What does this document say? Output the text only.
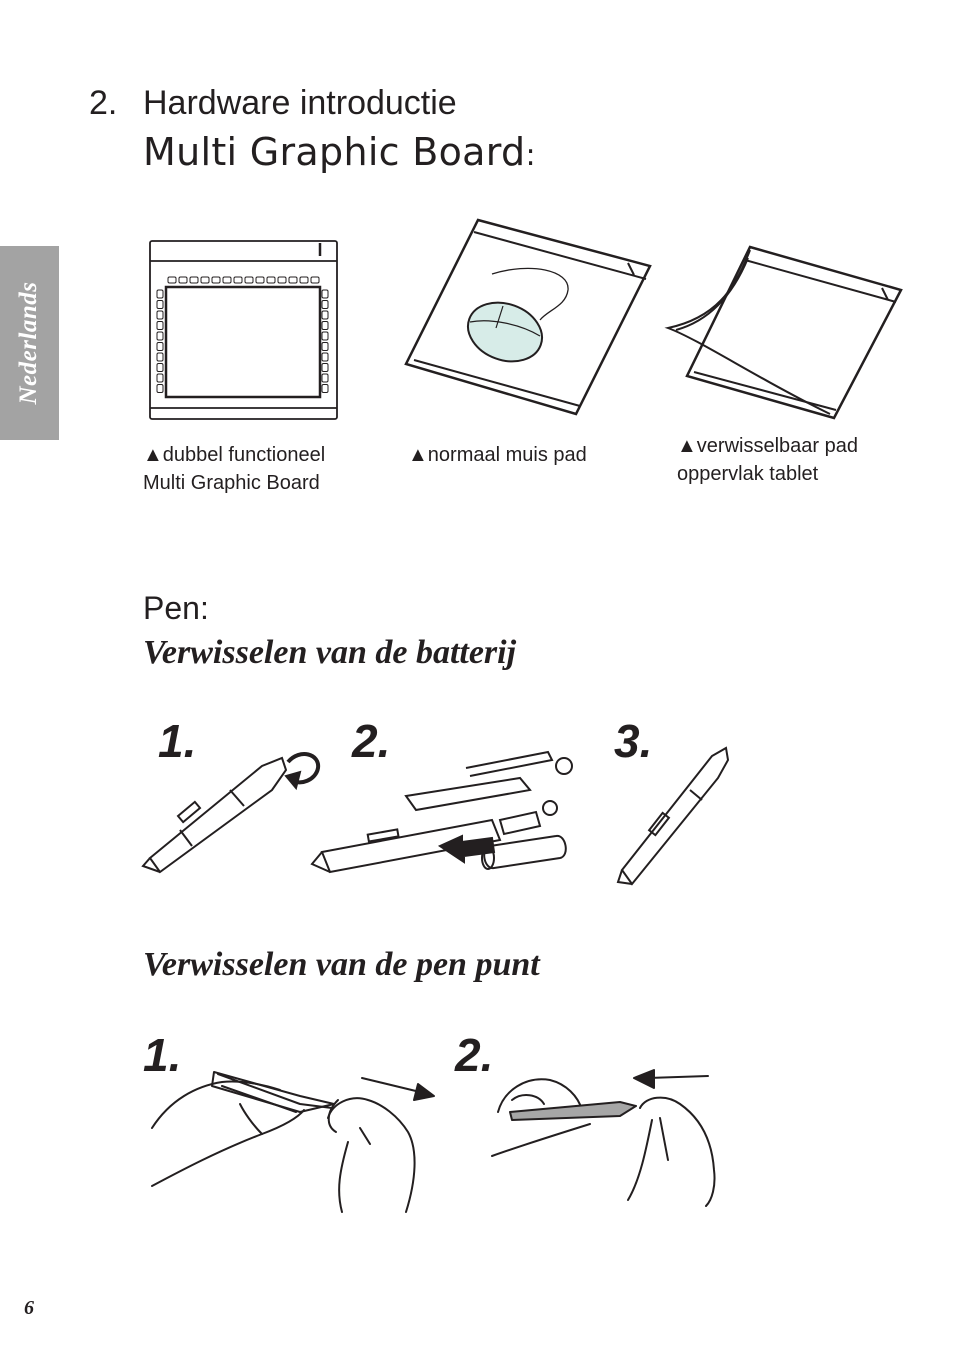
Nederlands
2. Hardware introductie
Multi Graphic Board:
▲dubbel functioneel
Multi Graphic Board
▲normaal muis pad	▲verwisselbaar pad
oppervlak tablet
Pen:
Verwisselen van de batterij
1.	2.	3.
Verwisselen van de pen punt
1.	2.
6
